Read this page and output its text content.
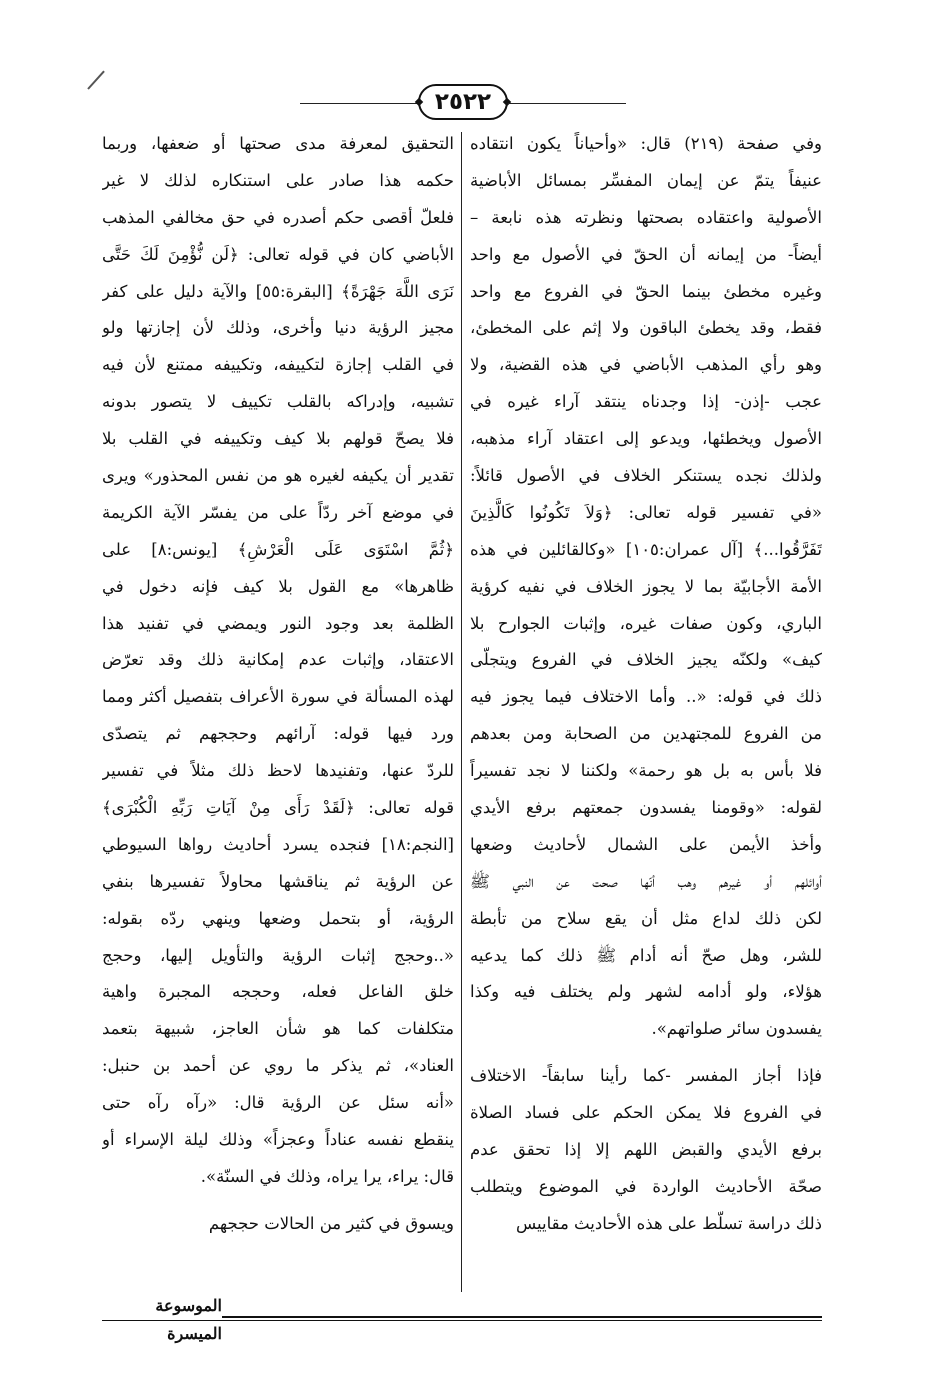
٢٥٢٢
وفي صفحة (٢١٩) قال: «وأحياناً يكون انتقاده
عنيفاً يتمّ عن إيمان المفسِّر بمسائل الأباضية
الأصولية واعتقاده بصحتها ونظرته هذه نابعة –
أيضاً- من إيمانه أن الحقّ في الأصول مع واحد
وغيره مخطئ بينما الحقّ في الفروع مع واحد
فقط، وقد يخطئ الباقون ولا إثم على المخطئ،
وهو رأي المذهب الأباضي في هذه القضية، ولا
عجب -إذن- إذا وجدناه ينتقد آراء غيره في
الأصول ويخطئها، ويدعو إلى اعتقاد آراء مذهبه،
ولذلك نجده يستنكر الخلاف في الأصول قائلاً:
«في تفسير قوله تعالى: ﴿وَلاَ تَكُونُوا كَالَّذِينَ
تَفَرَّقُوا...﴾ [آل عمران:١٠٥] «وكالقائلين في هذه
الأمة الأجابيّة بما لا يجوز الخلاف في نفيه كرؤية
الباري، وكون صفات غيره، وإثبات الجوارح بلا
كيف» ولكنّه يجيز الخلاف في الفروع ويتجلّى
ذلك في قوله: «.. وأما الاختلاف فيما يجوز فيه
من الفروع للمجتهدين من الصحابة ومن بعدهم
فلا بأس به بل هو رحمة» ولكننا لا نجد تفسيراً
لقوله: «وقومنا يفسدون جمعتهم برفع الأيدي
وأخذ الأيمن على الشمال لأحاديث وضعها
أوائلهم أو غيرهم وهب أنّها صحت عن النبي ﷺ
لكن ذلك لداع مثل أن يقع سلاح من تأبطة
للشر، وهل صحّ أنه أدام ﷺ ذلك كما يدعيه
هؤلاء، ولو أدامه لشهر ولم يختلف فيه وكذا
يفسدون سائر صلواتهم».
فإذا أجاز المفسر -كما رأينا سابقاً- الاختلاف
في الفروع فلا يمكن الحكم على فساد الصلاة
برفع الأيدي والقبض اللهم إلا إذا تحقق عدم
صحّة الأحاديث الواردة في الموضوع ويتطلب
ذلك دراسة تسلّط على هذه الأحاديث مقاييس
التحقيق لمعرفة مدى صحتها أو ضعفها، وربما
حكمه هذا صادر على استنكاره لذلك لا غير
فلعلّ أقصى حكم أصدره في حق مخالفي المذهب
الأباضي كان في قوله تعالى: ﴿لَن نُّؤْمِنَ لَكَ حَتَّى
نَرَى اللَّهَ جَهْرَةً﴾ [البقرة:٥٥] والآية دليل على كفر
مجيز الرؤية دنيا وأخرى، وذلك لأن إجازتها ولو
في القلب إجازة لتكييفه، وتكييفه ممتنع لأن فيه
تشبيه، وإدراكه بالقلب تكييف لا يتصور بدونه
فلا يصحّ قولهم بلا كيف وتكييفه في القلب بلا
تقدير أن يكيفه لغيره هو من نفس المحذور» ويرى
في موضع آخر ردّاً على من يفسّر الآية الكريمة
﴿ثُمَّ اسْتَوَى عَلَى الْعَرْشِ﴾ [يونس:٨] على
ظاهرها» مع القول بلا كيف فإنه دخول في
الظلمة بعد وجود النور ويمضي في تفنيد هذا
الاعتقاد، وإثبات عدم إمكانية ذلك وقد تعرّض
لهذه المسألة في سورة الأعراف بتفصيل أكثر ومما
ورد فيها قوله: آرائهم وحججهم ثم يتصدّى
للردّ عنها، وتفنيدها لاحظ ذلك مثلاً في تفسير
قوله تعالى: ﴿لَقَدْ رَأَى مِنْ آيَاتِ رَبِّهِ الْكُبْرَى﴾
[النجم:١٨] فنجده يسرد أحاديث رواها السيوطي
عن الرؤية ثم يناقشها محاولاً تفسيرها بنفي
الرؤية، أو بتحمل وضعها وينهي ردّه بقوله:
«..وحجج إثبات الرؤية والتأويل إليها، وحجج
خلق الفاعل فعله، وحججه المجبرة واهية
متكلفات كما هو شأن العاجز، شبيهة بتعمد
العناد»، ثم يذكر ما روي عن أحمد بن حنبل:
«أنه سئل عن الرؤية قال: «رآه رآه حتى
ينقطع نفسه عناداً وعجزاً» وذلك ليلة الإسراء أو
قال: يراء، يرا يراه، وذلك في السنّة».
ويسوق في كثير من الحالات حججهم
الموسوعة الميسرة
